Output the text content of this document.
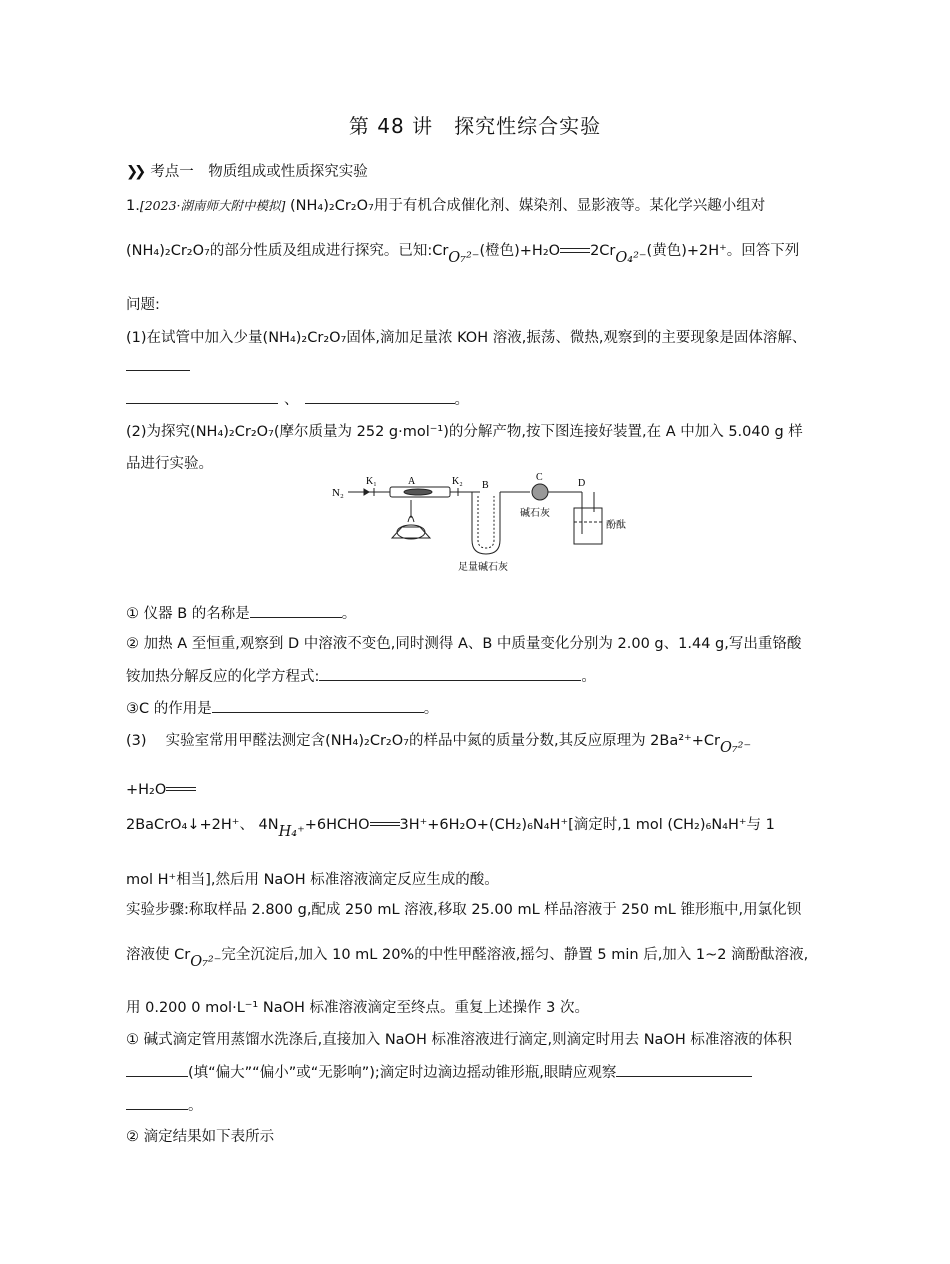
第 48 讲　探究性综合实验
❯❯ 考点一　物质组成或性质探究实验
1.[2023·湖南师大附中模拟] (NH₄)₂Cr₂O₇用于有机合成催化剂、媒染剂、显影液等。某化学兴趣小组对
(NH₄)₂Cr₂O₇的部分性质及组成进行探究。已知:CrO₇²⁻(橙色)+H₂O 2CrO₄²⁻(黄色)+2H⁺。回答下列
问题:
(1)在试管中加入少量(NH₄)₂Cr₂O₇固体,滴加足量浓 KOH 溶液,振荡、微热,观察到的主要现象是固体溶解、
、	。
(2)为探究(NH₄)₂Cr₂O₇(摩尔质量为 252 g·mol⁻¹)的分解产物,按下图连接好装置,在 A 中加入 5.040 g 样
品进行实验。
N₂
K₁	A	K₂ B
C
D
碱石灰
酚酞
足量碱石灰
① 仪器 B 的名称是	。
② 加热 A 至恒重,观察到 D 中溶液不变色,同时测得 A、B 中质量变化分别为 2.00 g、1.44 g,写出重铬酸
铵加热分解反应的化学方程式:	。
③C 的作用是	。
(3)　 实验室常用甲醛法测定含(NH₄)₂Cr₂O₇的样品中氮的质量分数,其反应原理为 2Ba²⁺+CrO₇²⁻
+H₂O
2BaCrO₄↓+2H⁺、 4NH₄⁺+6HCHO 3H⁺+6H₂O+(CH₂)₆N₄H⁺[滴定时,1 mol (CH₂)₆N₄H⁺与 1
mol H⁺相当],然后用 NaOH 标准溶液滴定反应生成的酸。
实验步骤:称取样品 2.800 g,配成 250 mL 溶液,移取 25.00 mL 样品溶液于 250 mL 锥形瓶中,用氯化钡
溶液使 CrO₇²⁻完全沉淀后,加入 10 mL 20%的中性甲醛溶液,摇匀、静置 5 min 后,加入 1~2 滴酚酞溶液,
用 0.200 0 mol·L⁻¹ NaOH 标准溶液滴定至终点。重复上述操作 3 次。
① 碱式滴定管用蒸馏水洗涤后,直接加入 NaOH 标准溶液进行滴定,则滴定时用去 NaOH 标准溶液的体积
(填“偏大”“偏小”或“无影响”);滴定时边滴边摇动锥形瓶,眼睛应观察
。
② 滴定结果如下表所示
